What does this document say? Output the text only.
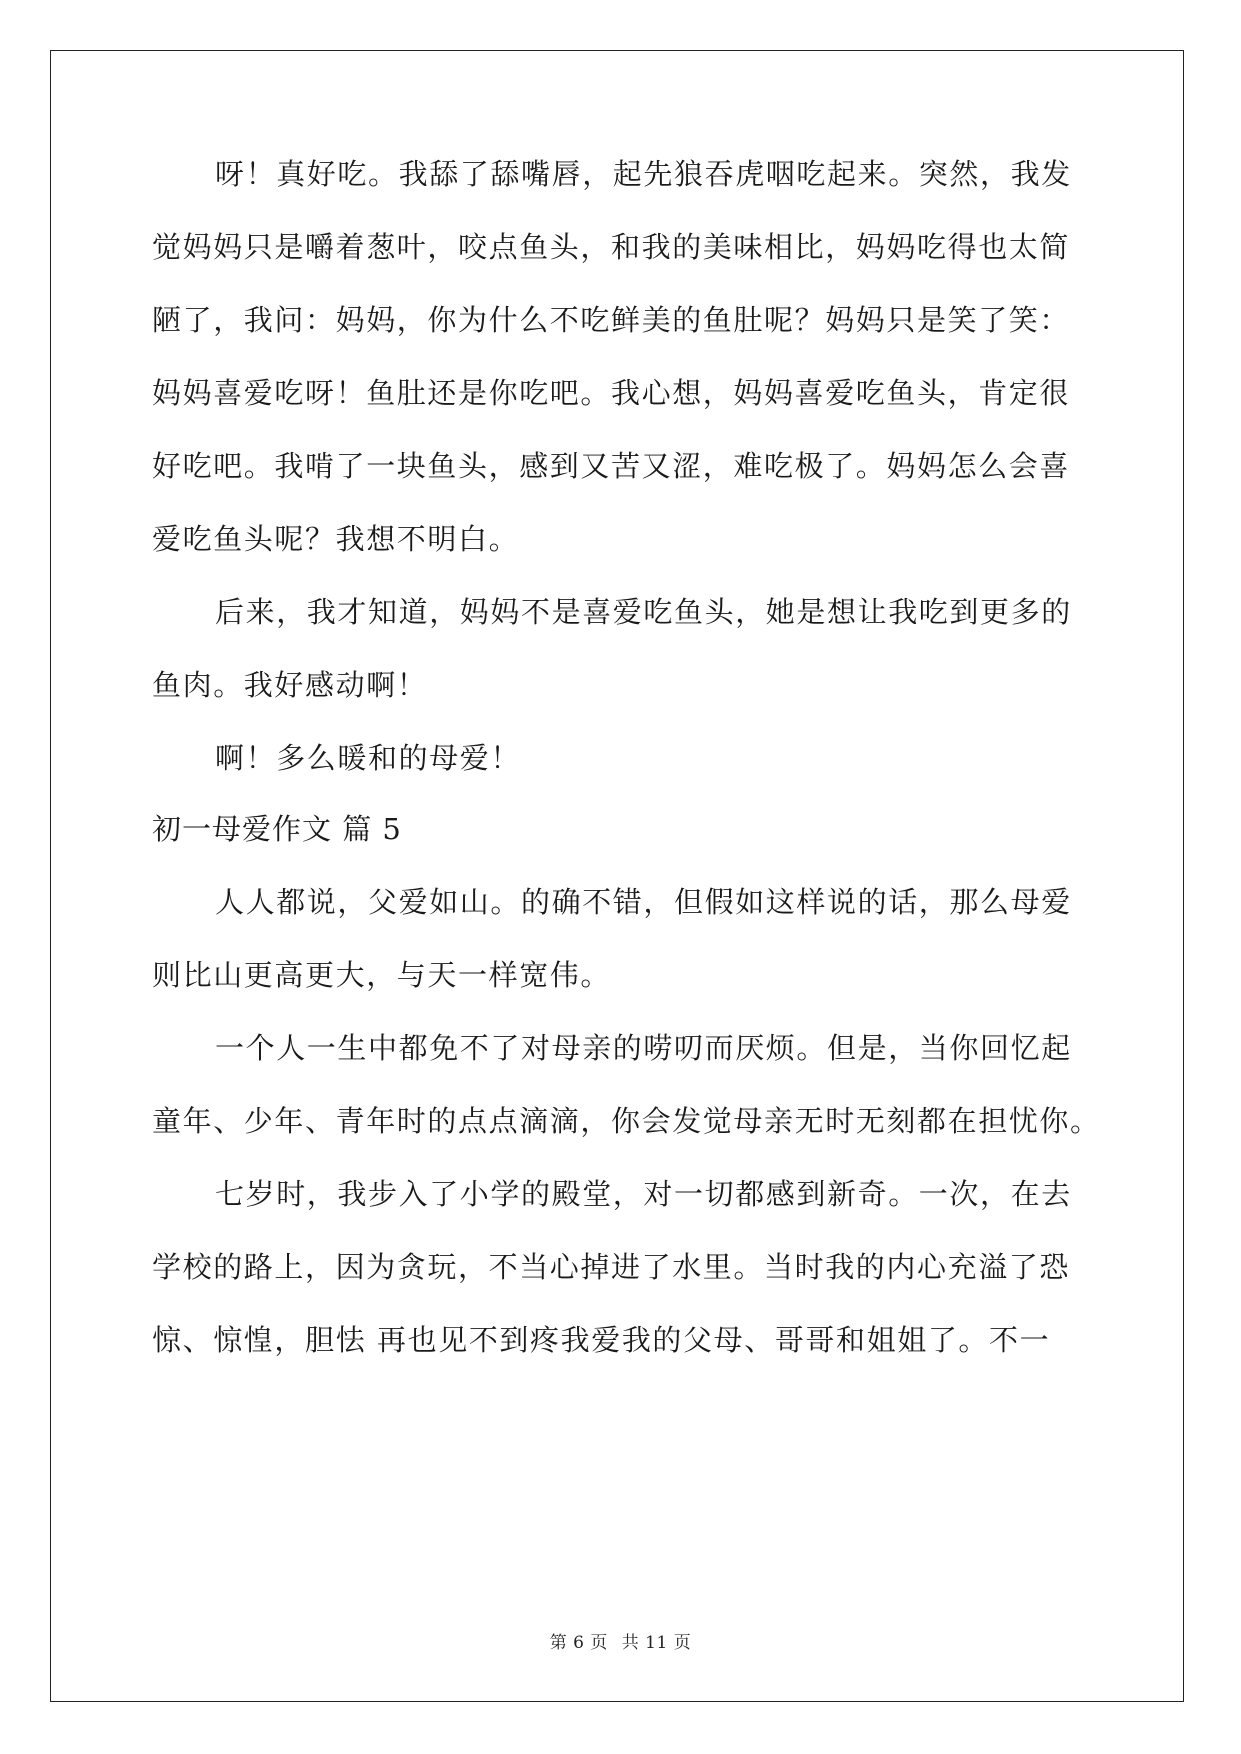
呀！真好吃。我舔了舔嘴唇，起先狼吞虎咽吃起来。突然，我发
觉妈妈只是嚼着葱叶，咬点鱼头，和我的美味相比，妈妈吃得也太简
陋了，我问：妈妈，你为什么不吃鲜美的鱼肚呢？妈妈只是笑了笑：
妈妈喜爱吃呀！鱼肚还是你吃吧。我心想，妈妈喜爱吃鱼头，肯定很
好吃吧。我啃了一块鱼头，感到又苦又涩，难吃极了。妈妈怎么会喜
爱吃鱼头呢？我想不明白。
后来，我才知道，妈妈不是喜爱吃鱼头，她是想让我吃到更多的
鱼肉。我好感动啊！
啊！多么暖和的母爱！
初一母爱作文 篇 5
人人都说，父爱如山。的确不错，但假如这样说的话，那么母爱
则比山更高更大，与天一样宽伟。
一个人一生中都免不了对母亲的唠叨而厌烦。但是，当你回忆起
童年、少年、青年时的点点滴滴，你会发觉母亲无时无刻都在担忧你。
七岁时，我步入了小学的殿堂，对一切都感到新奇。一次，在去
学校的路上，因为贪玩，不当心掉进了水里。当时我的内心充溢了恐
惊、惊惶，胆怯 再也见不到疼我爱我的父母、哥哥和姐姐了。不一
第 6 页 共 11 页
